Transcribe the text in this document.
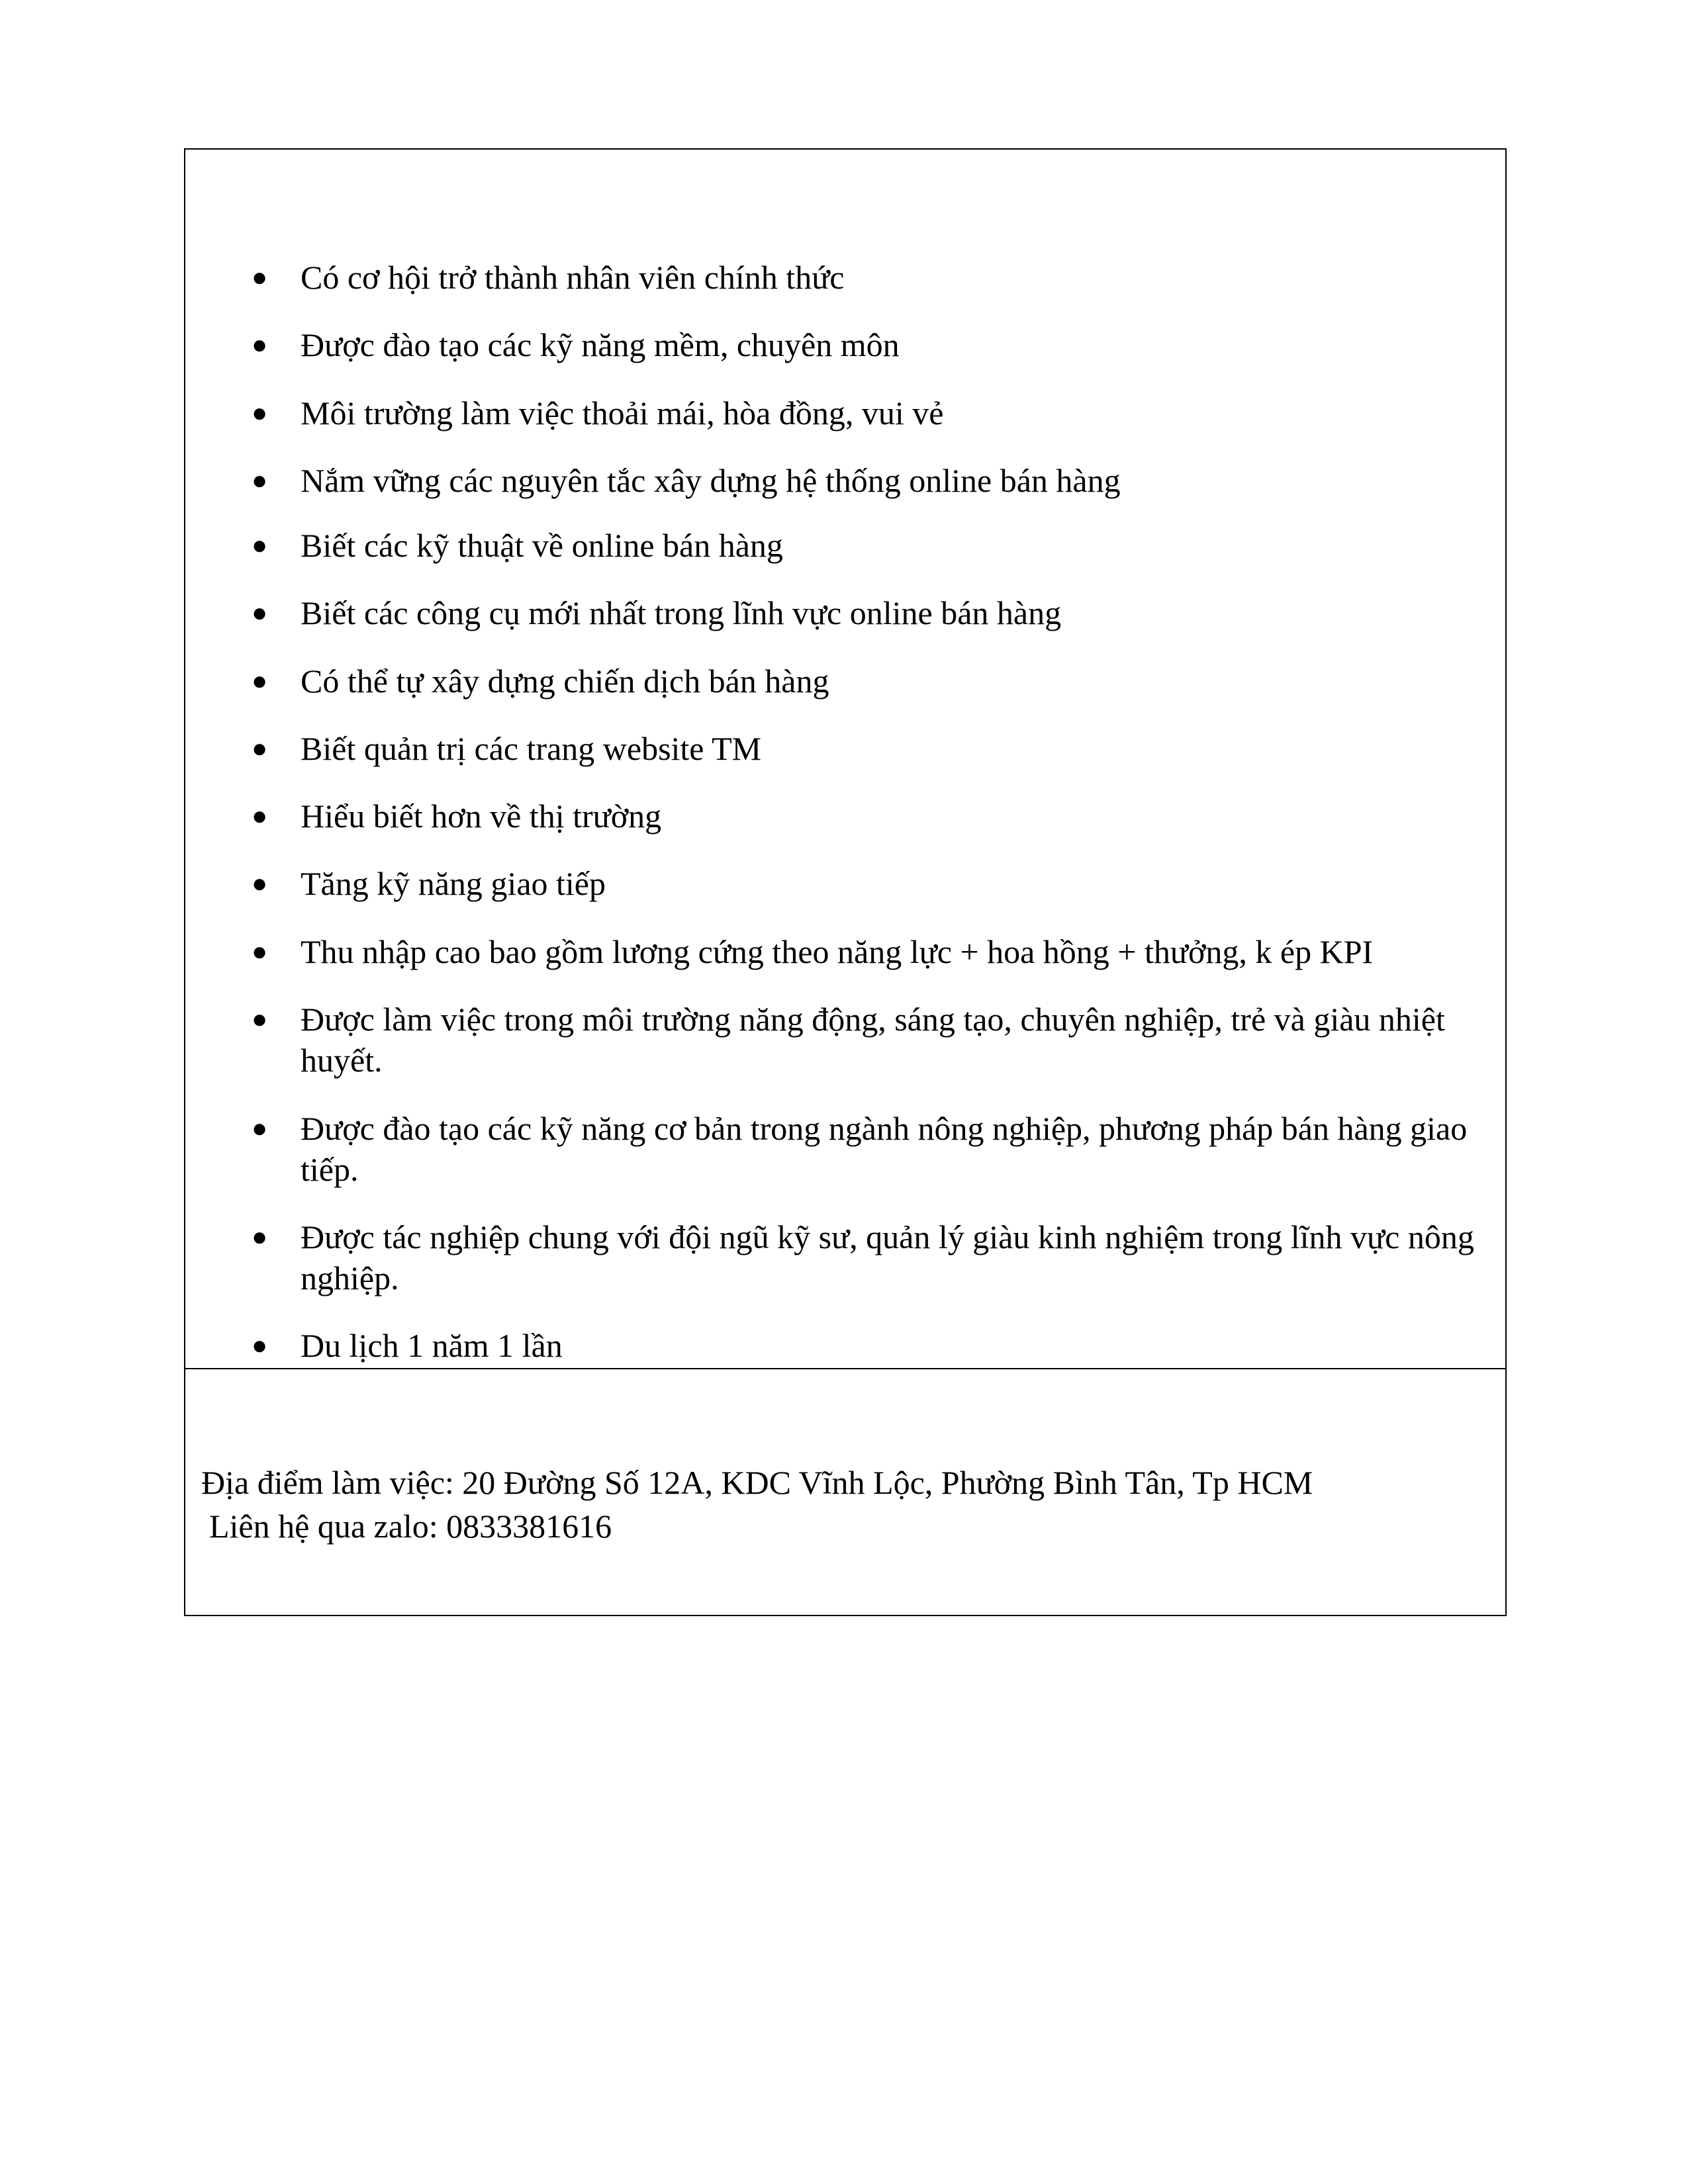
● Có cơ hội trở thành nhân viên chính thức
● Được đào tạo các kỹ năng mềm, chuyên môn
● Môi trường làm việc thoải mái, hòa đồng, vui vẻ
● Nắm vững các nguyên tắc xây dựng hệ thống online bán hàng
● Biết các kỹ thuật về online bán hàng
● Biết các công cụ mới nhất trong lĩnh vực online bán hàng
● Có thể tự xây dựng chiến dịch bán hàng
● Biết quản trị các trang website TM
● Hiểu biết hơn về thị trường
● Tăng kỹ năng giao tiếp
● Thu nhập cao bao gồm lương cứng theo năng lực + hoa hồng + thưởng, k ép KPI
● Được làm việc trong môi trường năng động, sáng tạo, chuyên nghiệp, trẻ và giàu nhiệt huyết.
● Được đào tạo các kỹ năng cơ bản trong ngành nông nghiệp, phương pháp bán hàng giao tiếp.
● Được tác nghiệp chung với đội ngũ kỹ sư, quản lý giàu kinh nghiệm trong lĩnh vực nông nghiệp.
● Du lịch 1 năm 1 lần
Địa điểm làm việc: 20 Đường Số 12A, KDC Vĩnh Lộc, Phường Bình Tân, Tp HCM
Liên hệ qua zalo: 0833381616
